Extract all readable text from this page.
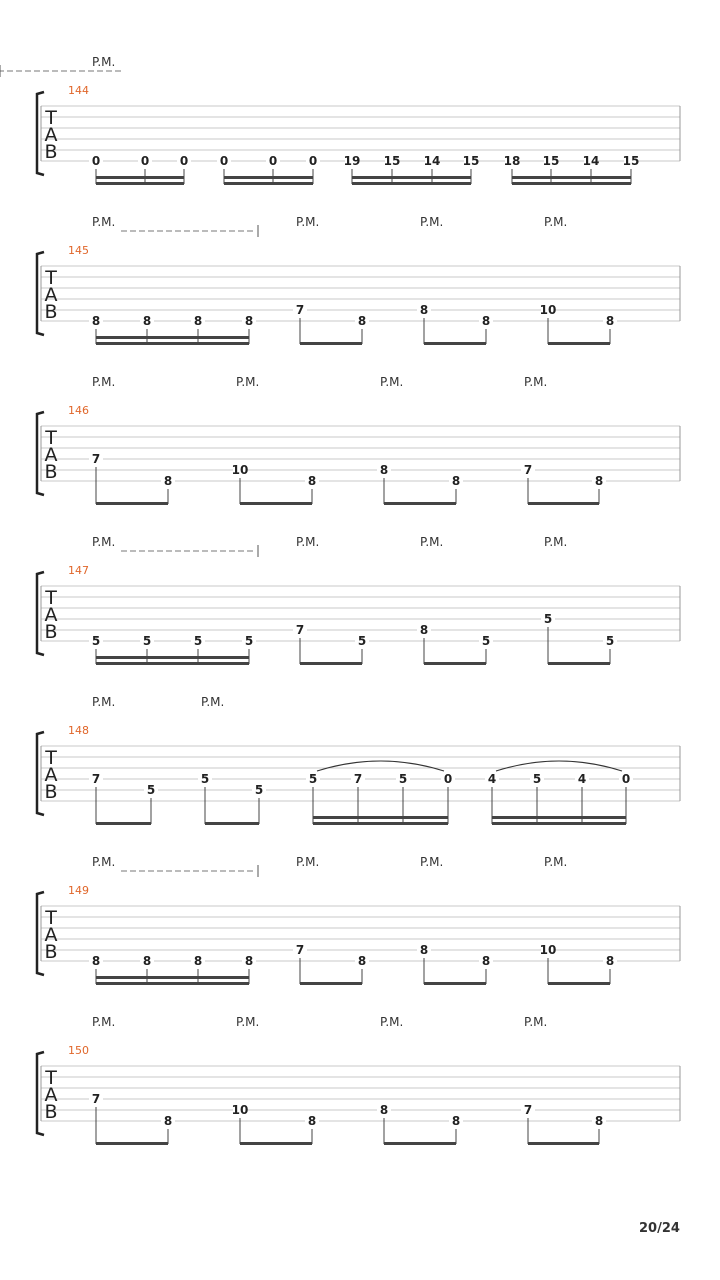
T
A
B
144
P.M.
0	0	0	0	0	0 19 15 14 15 18 15 14 15
T
A
B
145
P.M.	P.M.	P.M.	P.M.
8	8	8	8
7
8
8
8
10
8
T
A
B
146
P.M.	P.M.	P.M.	P.M.
7
8
10
8
8
8
7
8
T
A
B
147
P.M.	P.M.	P.M.	P.M.
5	5	5	5
7
5
8
5
5
5
T
A
B
148
P.M.	P.M.
7
5
5
5
5	7	5	0	4	5	4	0
T
A
B
149
P.M.	P.M.	P.M.	P.M.
8	8	8	8
7
8
8
8
10
8
T
A
B
150
P.M.	P.M.	P.M.	P.M.
7
8
10
8
8
8
7
8
20/24
